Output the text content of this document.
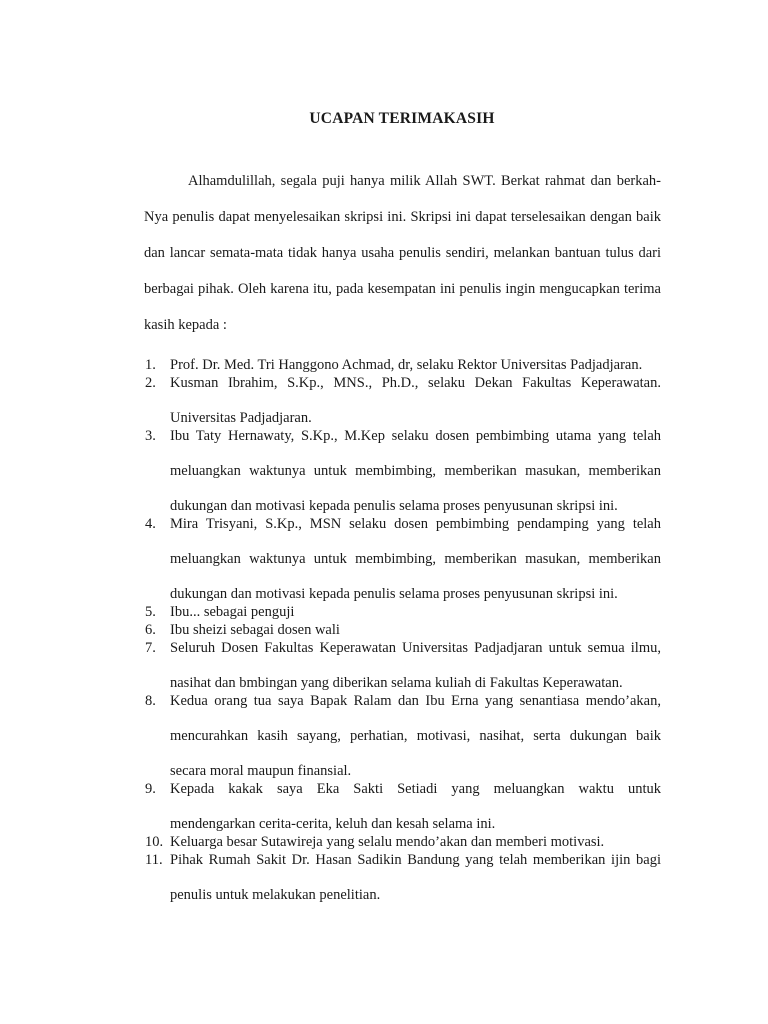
UCAPAN TERIMAKASIH

Alhamdulillah, segala puji hanya milik Allah SWT. Berkat rahmat dan berkah-Nya penulis dapat menyelesaikan skripsi ini. Skripsi ini dapat terselesaikan dengan baik dan lancar semata-mata tidak hanya usaha penulis sendiri, melankan bantuan tulus dari berbagai pihak. Oleh karena itu, pada kesempatan ini penulis ingin mengucapkan terima kasih kepada :

1. Prof. Dr. Med. Tri Hanggono Achmad, dr, selaku Rektor Universitas Padjadjaran.
2. Kusman Ibrahim, S.Kp., MNS., Ph.D., selaku Dekan Fakultas Keperawatan.
Universitas Padjadjaran.
3. Ibu Taty Hernawaty, S.Kp., M.Kep selaku dosen pembimbing utama yang telah
meluangkan waktunya untuk membimbing, memberikan masukan, memberikan
dukungan dan motivasi kepada penulis selama proses penyusunan skripsi ini.
4. Mira Trisyani, S.Kp., MSN selaku dosen pembimbing pendamping yang telah
meluangkan waktunya untuk membimbing, memberikan masukan, memberikan
dukungan dan motivasi kepada penulis selama proses penyusunan skripsi ini.
5. Ibu... sebagai penguji
6. Ibu sheizi sebagai dosen wali
7. Seluruh Dosen Fakultas Keperawatan Universitas Padjadjaran untuk semua ilmu,
nasihat dan bmbingan yang diberikan selama kuliah di Fakultas Keperawatan.
8. Kedua orang tua saya Bapak Ralam dan Ibu Erna yang senantiasa mendo’akan,
mencurahkan kasih sayang, perhatian, motivasi, nasihat, serta dukungan baik
secara moral maupun finansial.
9. Kepada kakak saya Eka Sakti Setiadi yang meluangkan waktu untuk
mendengarkan cerita-cerita, keluh dan kesah selama ini.
10. Keluarga besar Sutawireja yang selalu mendo’akan dan memberi motivasi.
11. Pihak Rumah Sakit Dr. Hasan Sadikin Bandung yang telah memberikan ijin bagi
penulis untuk melakukan penelitian.
